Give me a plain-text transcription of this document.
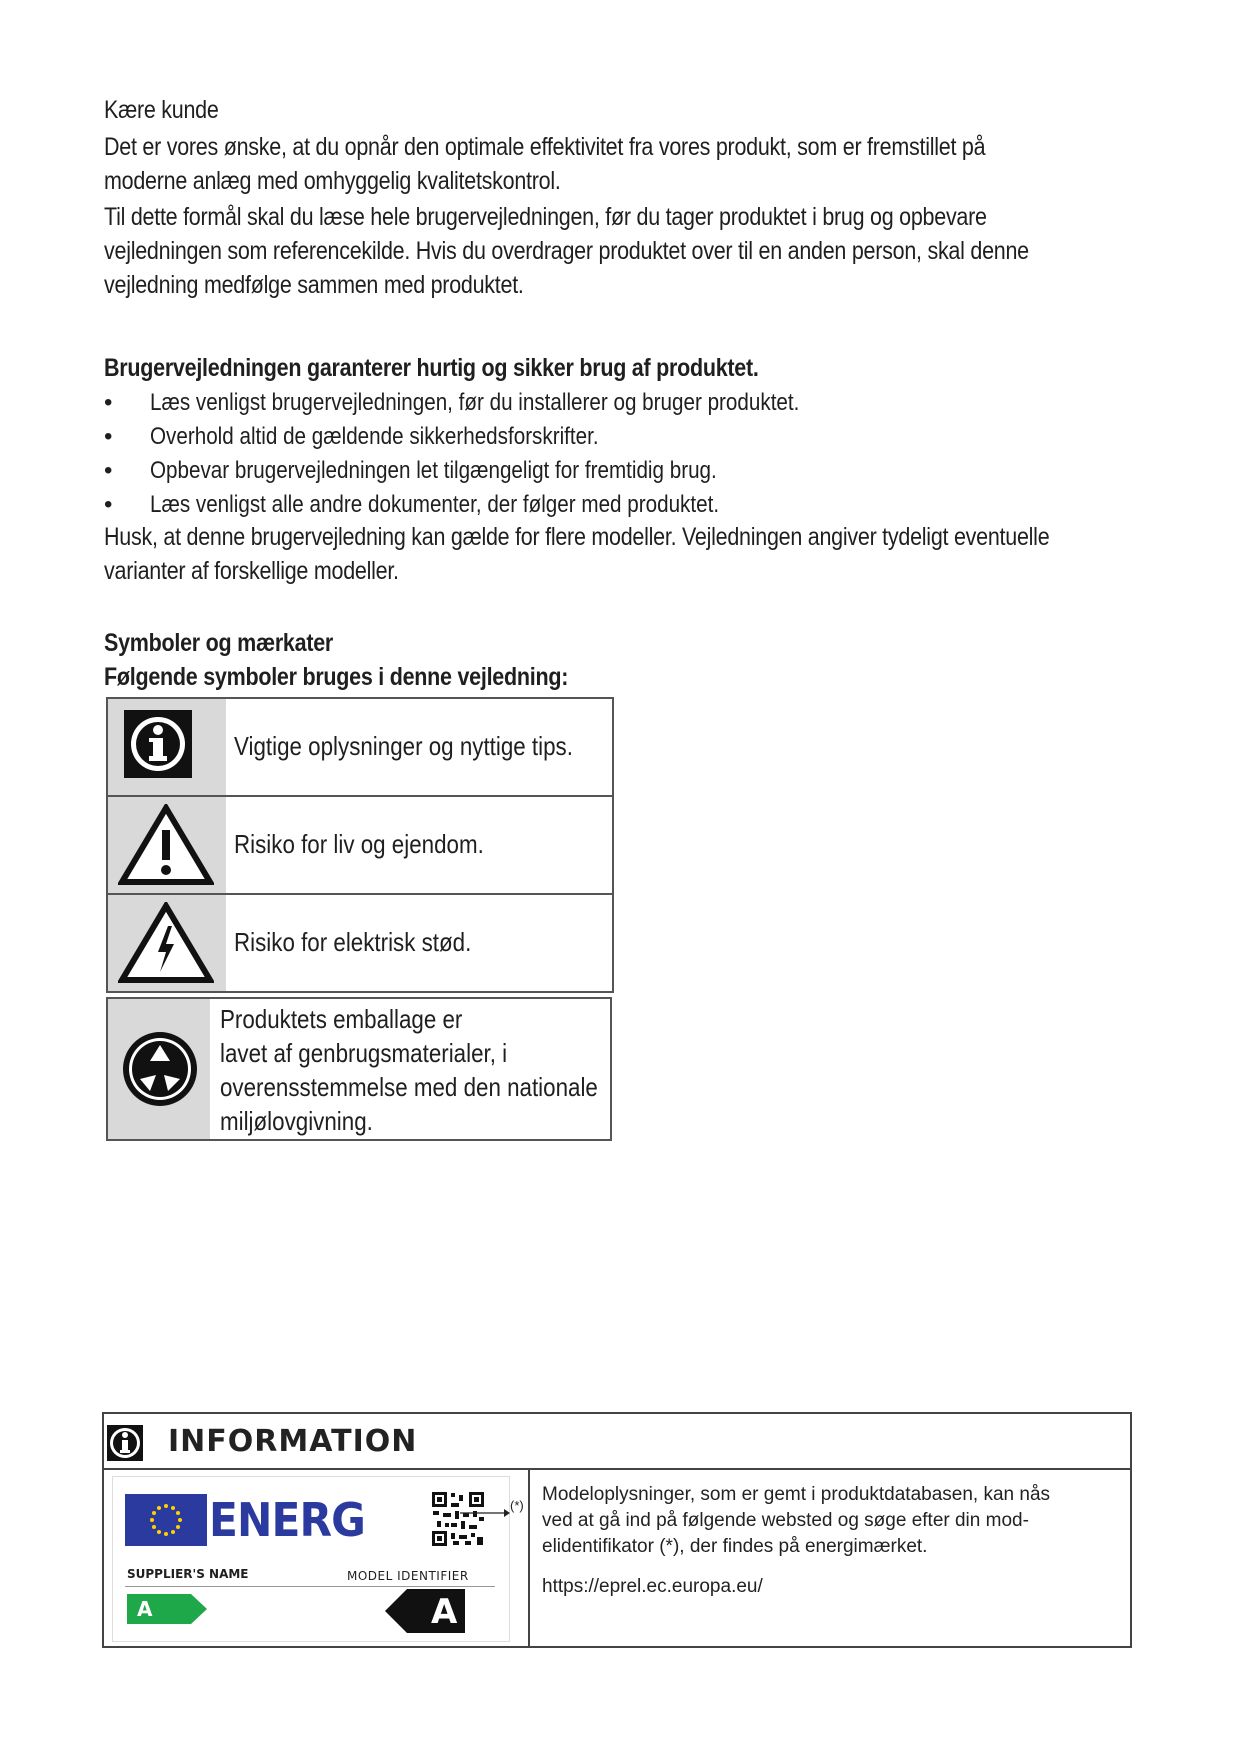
Kære kunde
Det er vores ønske, at du opnår den optimale effektivitet fra vores produkt, som er fremstillet på
moderne anlæg med omhyggelig kvalitetskontrol.
Til dette formål skal du læse hele brugervejledningen, før du tager produktet i brug og opbevare
vejledningen som referencekilde. Hvis du overdrager produktet over til en anden person, skal denne
vejledning medfølge sammen med produktet.
Brugervejledningen garanterer hurtig og sikker brug af produktet.
• Læs venligst brugervejledningen, før du installerer og bruger produktet.
• Overhold altid de gældende sikkerhedsforskrifter.
• Opbevar brugervejledningen let tilgængeligt for fremtidig brug.
• Læs venligst alle andre dokumenter, der følger med produktet.
Husk, at denne brugervejledning kan gælde for flere modeller. Vejledningen angiver tydeligt eventuelle
varianter af forskellige modeller.
Symboler og mærkater
Følgende symboler bruges i denne vejledning:
Vigtige oplysninger og nyttige tips.
Risiko for liv og ejendom.
Risiko for elektrisk stød.
Produktets emballage er
lavet af genbrugsmaterialer, i
overensstemmelse med den nationale
miljølovgivning.
INFORMATION
ENERG
SUPPLIER'S NAME	MODEL IDENTIFIER
A	A
(*)
Modeloplysninger, som er gemt i produktdatabasen, kan nås
ved at gå ind på følgende websted og søge efter din mod-
elidentifikator (*), der findes på energimærket.
https://eprel.ec.europa.eu/
